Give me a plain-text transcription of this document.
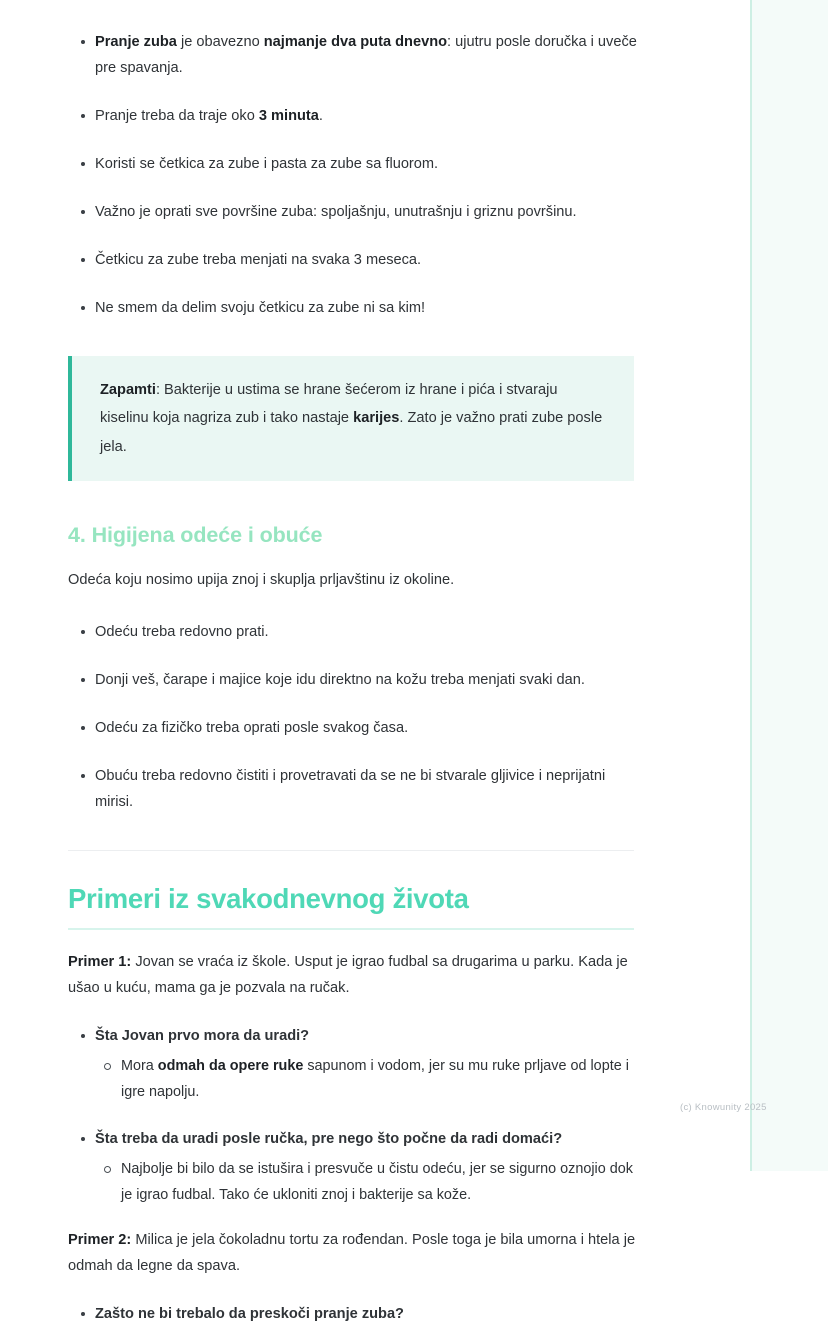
Pranje zuba je obavezno najmanje dva puta dnevno: ujutru posle doručka i uveče pre spavanja.
Pranje treba da traje oko 3 minuta.
Koristi se četkica za zube i pasta za zube sa fluorom.
Važno je oprati sve površine zuba: spoljašnju, unutrašnju i griznu površinu.
Četkicu za zube treba menjati na svaka 3 meseca.
Ne smem da delim svoju četkicu za zube ni sa kim!

Zapamti: Bakterije u ustima se hrane šećerom iz hrane i pića i stvaraju kiselinu koja nagriza zub i tako nastaje karijes. Zato je važno prati zube posle jela.

4. Higijena odeće i obuće

Odeća koju nosimo upija znoj i skuplja prljavštinu iz okoline.

Odeću treba redovno prati.
Donji veš, čarape i majice koje idu direktno na kožu treba menjati svaki dan.
Odeću za fizičko treba oprati posle svakog časa.
Obuću treba redovno čistiti i provetravati da se ne bi stvarale gljivice i neprijatni mirisi.
Primeri iz svakodnevnog života

Primer 1: Jovan se vraća iz škole. Usput je igrao fudbal sa drugarima u parku. Kada je ušao u kuću, mama ga je pozvala na ručak.

Šta Jovan prvo mora da uradi?
Mora odmah da opere ruke sapunom i vodom, jer su mu ruke prljave od lopte i igre napolju.
Šta treba da uradi posle ručka, pre nego što počne da radi domaći?
Najbolje bi bilo da se istušira i presvuče u čistu odeću, jer se sigurno oznojio dok je igrao fudbal. Tako će ukloniti znoj i bakterije sa kože.

Primer 2: Milica je jela čokoladnu tortu za rođendan. Posle toga je bila umorna i htela je odmah da legne da spava.

Zašto ne bi trebalo da preskoči pranje zuba?
(c) Knowunity 2025
